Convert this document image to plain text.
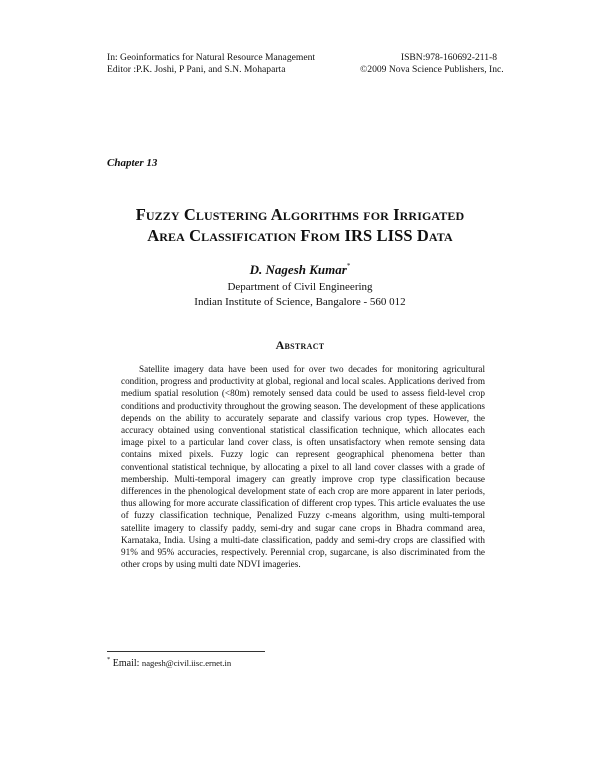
In: Geoinformatics for Natural Resource Management
Editor :P.K. Joshi, P Pani, and S.N. Mohaparta
ISBN:978-160692-211-8
©2009 Nova Science Publishers, Inc.
Chapter 13
Fuzzy Clustering Algorithms for Irrigated
Area Classification From IRS LISS Data
D. Nagesh Kumar*
Department of Civil Engineering
Indian Institute of Science, Bangalore - 560 012
Abstract
Satellite imagery data have been used for over two decades for monitoring agricultural condition, progress and productivity at global, regional and local scales. Applications derived from medium spatial resolution (<80m) remotely sensed data could be used to assess field-level crop conditions and productivity throughout the growing season. The development of these applications depends on the ability to accurately separate and classify various crop types. However, the accuracy obtained using conventional statistical classification technique, which allocates each image pixel to a particular land cover class, is often unsatisfactory when remote sensing data contains mixed pixels. Fuzzy logic can represent geographical phenomena better than conventional statistical technique, by allocating a pixel to all land cover classes with a grade of membership. Multi-temporal imagery can greatly improve crop type classification because differences in the phenological development state of each crop are more apparent in later periods, thus allowing for more accurate classification of different crop types. This article evaluates the use of fuzzy classification technique, Penalized Fuzzy c-means algorithm, using multi-temporal satellite imagery to classify paddy, semi-dry and sugar cane crops in Bhadra command area, Karnataka, India. Using a multi-date classification, paddy and semi-dry crops are classified with 91% and 95% accuracies, respectively. Perennial crop, sugarcane, is also discriminated from the other crops by using multi date NDVI imageries.
* Email: nagesh@civil.iisc.ernet.in
